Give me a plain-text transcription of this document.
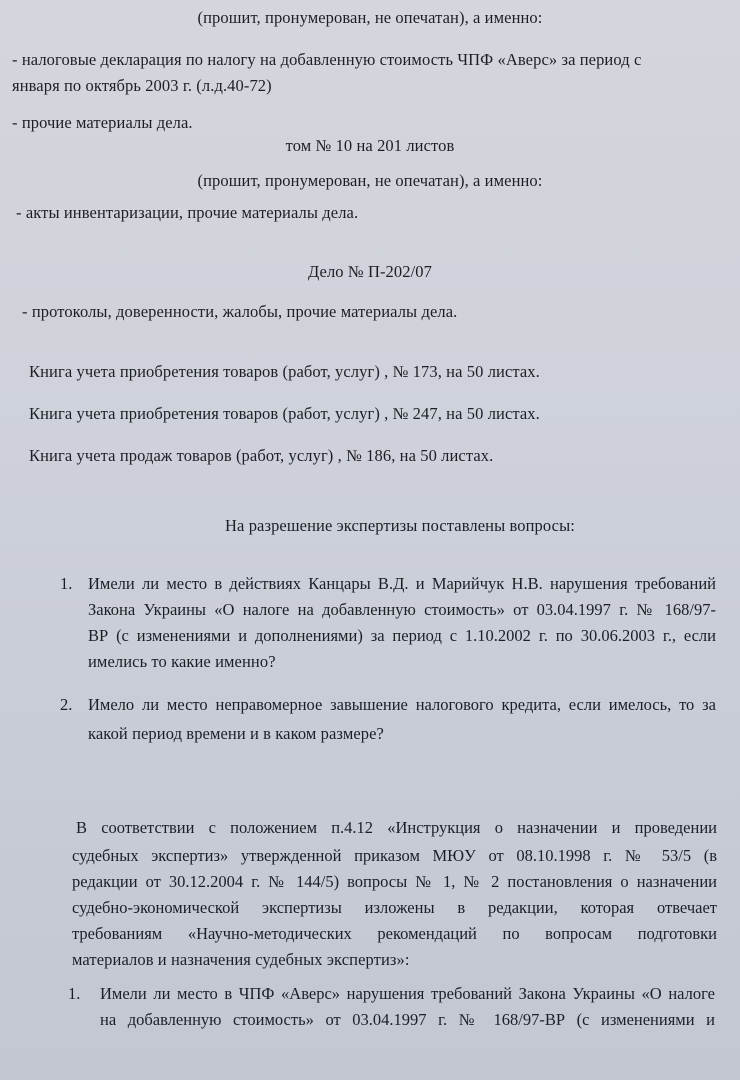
(прошит, пронумерован, не опечатан), а именно:
- налоговые декларация по налогу на добавленную стоимость ЧПФ «Аверс» за период с
января по октябрь 2003 г. (л.д.40-72)
- прочие материалы дела.
том № 10 на 201 листов
(прошит, пронумерован, не опечатан), а именно:
- акты инвентаризации, прочие материалы дела.
Дело № П-202/07
- протоколы, доверенности, жалобы, прочие материалы дела.
Книга учета приобретения товаров (работ, услуг) , № 173, на 50 листах.
Книга учета приобретения товаров (работ, услуг) , № 247, на 50 листах.
Книга учета продаж товаров (работ, услуг) , № 186, на 50 листах.
На разрешение экспертизы поставлены вопросы:
1. Имели ли место в действиях Канцары В.Д. и Марийчук Н.В. нарушения требований
Закона Украины «О налоге на добавленную стоимость» от 03.04.1997 г. № 168/97-
ВР (с изменениями и дополнениями) за период с 1.10.2002 г. по 30.06.2003 г., если
имелись то какие именно?
2. Имело ли место неправомерное завышение налогового кредита, если имелось, то за
какой период времени и в каком размере?
В соответствии с положением п.4.12 «Инструкция о назначении и проведении
судебных экспертиз» утвержденной приказом МЮУ от 08.10.1998 г. № 53/5 (в
редакции от 30.12.2004 г. № 144/5) вопросы № 1, № 2 постановления о назначении
судебно-экономической экспертизы изложены в редакции, которая отвечает
требованиям «Научно-методических рекомендаций по вопросам подготовки
материалов и назначения судебных экспертиз»:
1. Имели ли место в ЧПФ «Аверс» нарушения требований Закона Украины «О налоге
на добавленную стоимость» от 03.04.1997 г. № 168/97-ВР (с изменениями и
